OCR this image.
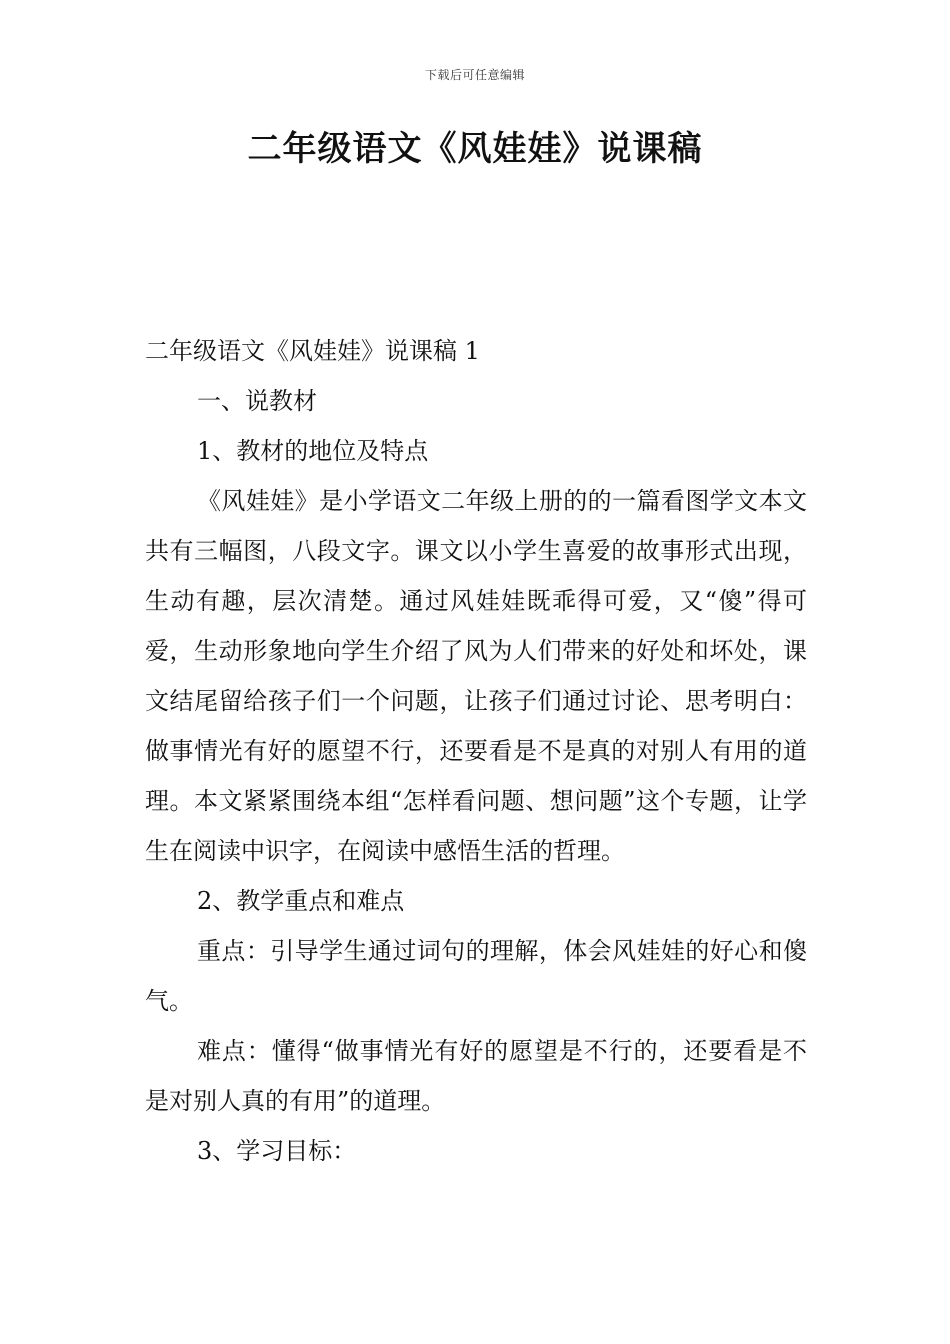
下载后可任意编辑
二年级语文《风娃娃》说课稿

二年级语文《风娃娃》说课稿 1

一、说教材

1、教材的地位及特点

《风娃娃》是小学语文二年级上册的的一篇看图学文本文共有三幅图，八段文字。课文以小学生喜爱的故事形式出现，生动有趣，层次清楚。通过风娃娃既乖得可爱，又“傻”得可爱，生动形象地向学生介绍了风为人们带来的好处和坏处，课文结尾留给孩子们一个问题，让孩子们通过讨论、思考明白：做事情光有好的愿望不行，还要看是不是真的对别人有用的道理。本文紧紧围绕本组“怎样看问题、想问题”这个专题，让学生在阅读中识字，在阅读中感悟生活的哲理。

2、教学重点和难点

重点：引导学生通过词句的理解，体会风娃娃的好心和傻气。

难点：懂得“做事情光有好的愿望是不行的，还要看是不是对别人真的有用”的道理。

3、学习目标：
